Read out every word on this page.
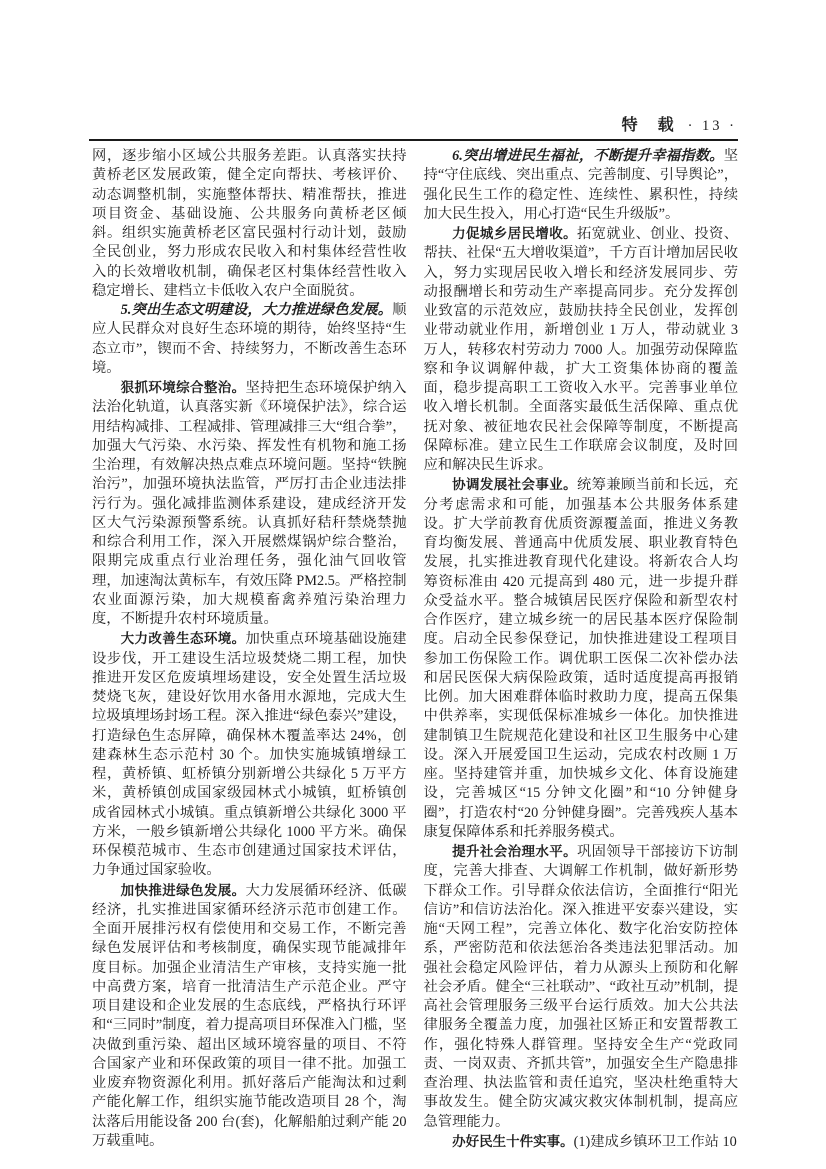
特　载 · 13 ·

网，逐步缩小区域公共服务差距。认真落实扶持黄桥老区发展政策，健全定向帮扶、考核评价、动态调整机制，实施整体帮扶、精准帮扶，推进项目资金、基础设施、公共服务向黄桥老区倾斜。组织实施黄桥老区富民强村行动计划，鼓励全民创业，努力形成农民收入和村集体经营性收入的长效增收机制，确保老区村集体经营性收入稳定增长、建档立卡低收入农户全面脱贫。

5.突出生态文明建设，大力推进绿色发展。顺应人民群众对良好生态环境的期待，始终坚持“生态立市”，锲而不舍、持续努力，不断改善生态环境。

狠抓环境综合整治。坚持把生态环境保护纳入法治化轨道，认真落实新《环境保护法》，综合运用结构减排、工程减排、管理减排三大“组合拳”，加强大气污染、水污染、挥发性有机物和施工扬尘治理，有效解决热点难点环境问题。坚持“铁腕治污”，加强环境执法监管，严厉打击企业违法排污行为。强化减排监测体系建设，建成经济开发区大气污染源预警系统。认真抓好秸秆禁烧禁抛和综合利用工作，深入开展燃煤锅炉综合整治，限期完成重点行业治理任务，强化油气回收管理，加速淘汰黄标车，有效压降 PM2.5。严格控制农业面源污染，加大规模畜禽养殖污染治理力度，不断提升农村环境质量。

大力改善生态环境。加快重点环境基础设施建设步伐，开工建设生活垃圾焚烧二期工程，加快推进开发区危废填埋场建设，安全处置生活垃圾焚烧飞灰，建设好饮用水备用水源地，完成大生垃圾填埋场封场工程。深入推进“绿色泰兴”建设，打造绿色生态屏障，确保林木覆盖率达 24%，创建森林生态示范村 30 个。加快实施城镇增绿工程，黄桥镇、虹桥镇分别新增公共绿化 5 万平方米，黄桥镇创成国家级园林式小城镇，虹桥镇创成省园林式小城镇。重点镇新增公共绿化 3000 平方米，一般乡镇新增公共绿化 1000 平方米。确保环保模范城市、生态市创建通过国家技术评估，力争通过国家验收。

加快推进绿色发展。大力发展循环经济、低碳经济，扎实推进国家循环经济示范市创建工作。全面开展排污权有偿使用和交易工作，不断完善绿色发展评估和考核制度，确保实现节能减排年度目标。加强企业清洁生产审核，支持实施一批中高费方案，培育一批清洁生产示范企业。严守项目建设和企业发展的生态底线，严格执行环评和“三同时”制度，着力提高项目环保准入门槛，坚决做到重污染、超出区域环境容量的项目、不符合国家产业和环保政策的项目一律不批。加强工业废弃物资源化利用。抓好落后产能淘汰和过剩产能化解工作，组织实施节能改造项目 28 个，淘汰落后用能设备 200 台(套)，化解船舶过剩产能 20 万载重吨。

6.突出增进民生福祉，不断提升幸福指数。坚持“守住底线、突出重点、完善制度、引导舆论”，强化民生工作的稳定性、连续性、累积性，持续加大民生投入，用心打造“民生升级版”。

力促城乡居民增收。拓宽就业、创业、投资、帮扶、社保“五大增收渠道”，千方百计增加居民收入，努力实现居民收入增长和经济发展同步、劳动报酬增长和劳动生产率提高同步。充分发挥创业致富的示范效应，鼓励扶持全民创业，发挥创业带动就业作用，新增创业 1 万人，带动就业 3 万人，转移农村劳动力 7000 人。加强劳动保障监察和争议调解仲裁，扩大工资集体协商的覆盖面，稳步提高职工工资收入水平。完善事业单位收入增长机制。全面落实最低生活保障、重点优抚对象、被征地农民社会保障等制度，不断提高保障标准。建立民生工作联席会议制度，及时回应和解决民生诉求。

协调发展社会事业。统筹兼顾当前和长远，充分考虑需求和可能，加强基本公共服务体系建设。扩大学前教育优质资源覆盖面，推进义务教育均衡发展、普通高中优质发展、职业教育特色发展，扎实推进教育现代化建设。将新农合人均筹资标准由 420 元提高到 480 元，进一步提升群众受益水平。整合城镇居民医疗保险和新型农村合作医疗，建立城乡统一的居民基本医疗保险制度。启动全民参保登记，加快推进建设工程项目参加工伤保险工作。调优职工医保二次补偿办法和居民医保大病保险政策，适时适度提高再报销比例。加大困难群体临时救助力度，提高五保集中供养率，实现低保标准城乡一体化。加快推进建制镇卫生院规范化建设和社区卫生服务中心建设。深入开展爱国卫生运动，完成农村改厕 1 万座。坚持建管并重，加快城乡文化、体育设施建设，完善城区“15 分钟文化圈”和“10 分钟健身圈”，打造农村“20 分钟健身圈”。完善残疾人基本康复保障体系和托养服务模式。

提升社会治理水平。巩固领导干部接访下访制度，完善大排查、大调解工作机制，做好新形势下群众工作。引导群众依法信访，全面推行“阳光信访”和信访法治化。深入推进平安泰兴建设，实施“天网工程”，完善立体化、数字化治安防控体系，严密防范和依法惩治各类违法犯罪活动。加强社会稳定风险评估，着力从源头上预防和化解社会矛盾。健全“三社联动”、“政社互动”机制，提高社会管理服务三级平台运行质效。加大公共法律服务全覆盖力度，加强社区矫正和安置帮教工作，强化特殊人群管理。坚持安全生产“党政同责、一岗双责、齐抓共管”，加强安全生产隐患排查治理、执法监管和责任追究，坚决杜绝重特大事故发生。健全防灾减灾救灾体制机制，提高应急管理能力。

办好民生十件实事。(1)建成乡镇环卫工作站 10
